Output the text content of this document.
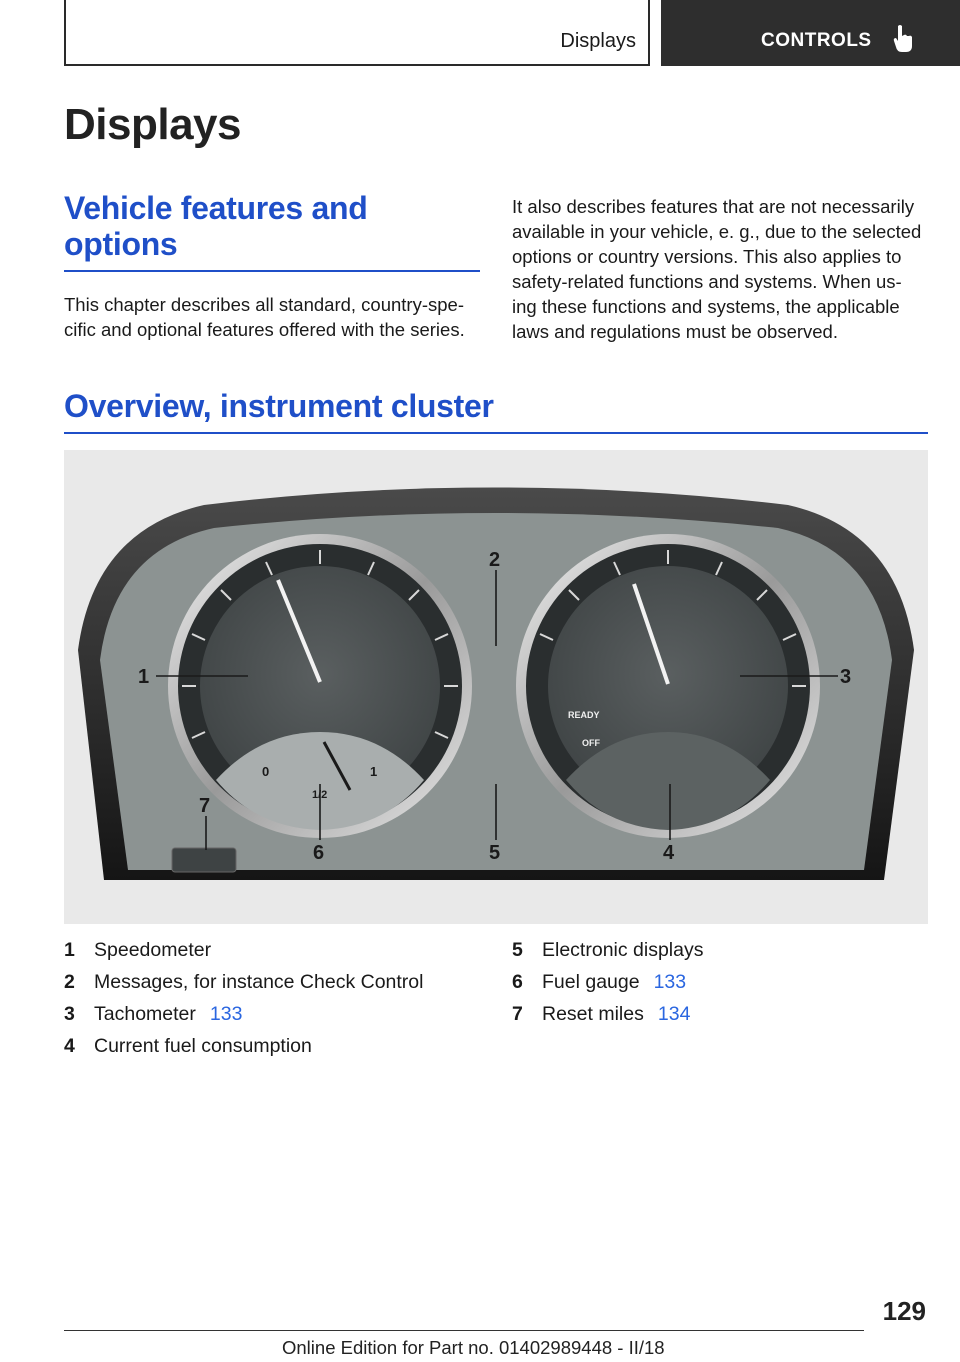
Displays	CONTROLS
Displays
Vehicle features and
options
This chapter describes all standard, country-spe‐
cific and optional features offered with the series.
It also describes features that are not necessarily
available in your vehicle, e. g., due to the selected
options or country versions. This also applies to
safety-related functions and systems. When us‐
ing these functions and systems, the applicable
laws and regulations must be observed.
Overview, instrument cluster
0	1
1/2
READY
OFF
1
2
3
4
5
6
7
1 Speedometer
2 Messages, for instance Check Control
3 Tachometer 133
4 Current fuel consumption
5 Electronic displays
6 Fuel gauge 133
7 Reset miles 134
129
Online Edition for Part no. 01402989448 - II/18
